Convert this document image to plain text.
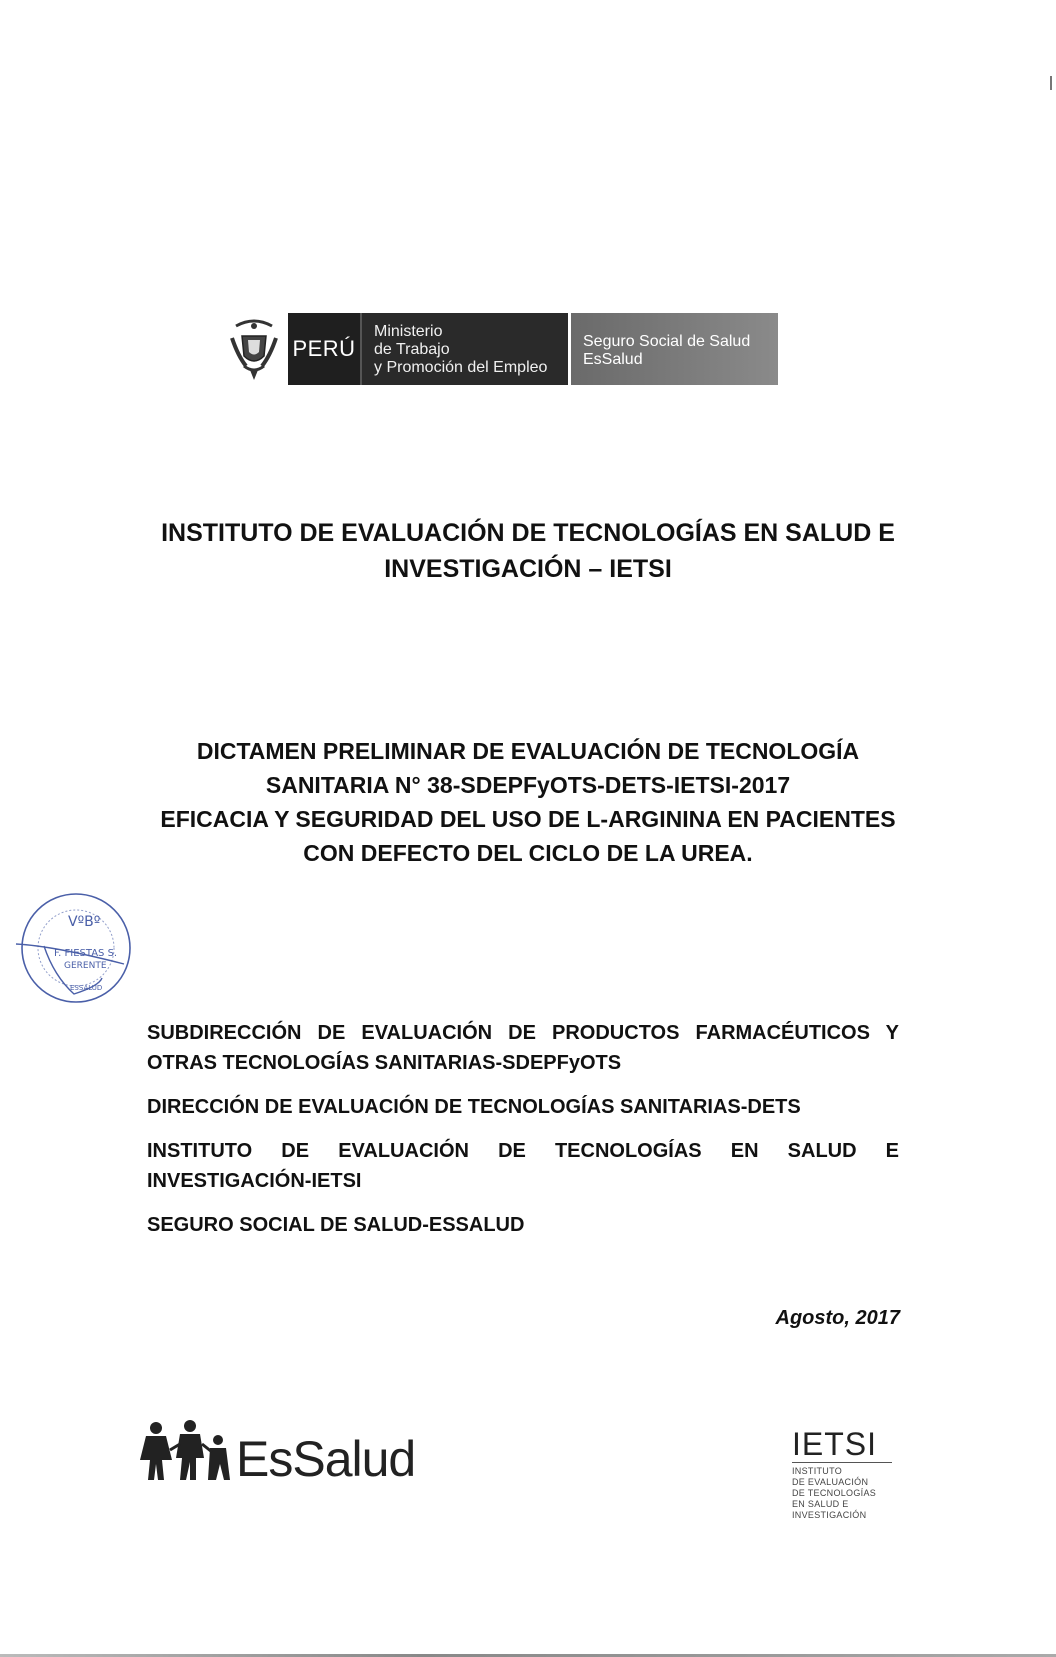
PERÚ
Ministerio
de Trabajo
y Promoción del Empleo
Seguro Social de Salud
EsSalud
INSTITUTO DE EVALUACIÓN DE TECNOLOGÍAS EN SALUD E
INVESTIGACIÓN – IETSI
DICTAMEN PRELIMINAR DE EVALUACIÓN DE TECNOLOGÍA
SANITARIA N° 38-SDEPFyOTS-DETS-IETSI-2017
EFICACIA Y SEGURIDAD DEL USO DE L-ARGININA EN PACIENTES
CON DEFECTO DEL CICLO DE LA UREA.
VºBº
F. FIESTAS S.
GERENTE
ESSALUD
SUBDIRECCIÓN DE EVALUACIÓN DE PRODUCTOS FARMACÉUTICOS Y OTRAS TECNOLOGÍAS SANITARIAS-SDEPFyOTS
DIRECCIÓN DE EVALUACIÓN DE TECNOLOGÍAS SANITARIAS-DETS
INSTITUTO DE EVALUACIÓN DE TECNOLOGÍAS EN SALUD E
INVESTIGACIÓN-IETSI
SEGURO SOCIAL DE SALUD-ESSALUD
Agosto, 2017
EsSalud	IETSI
INSTITUTO
DE EVALUACIÓN
DE TECNOLOGÍAS
EN SALUD E
INVESTIGACIÓN
